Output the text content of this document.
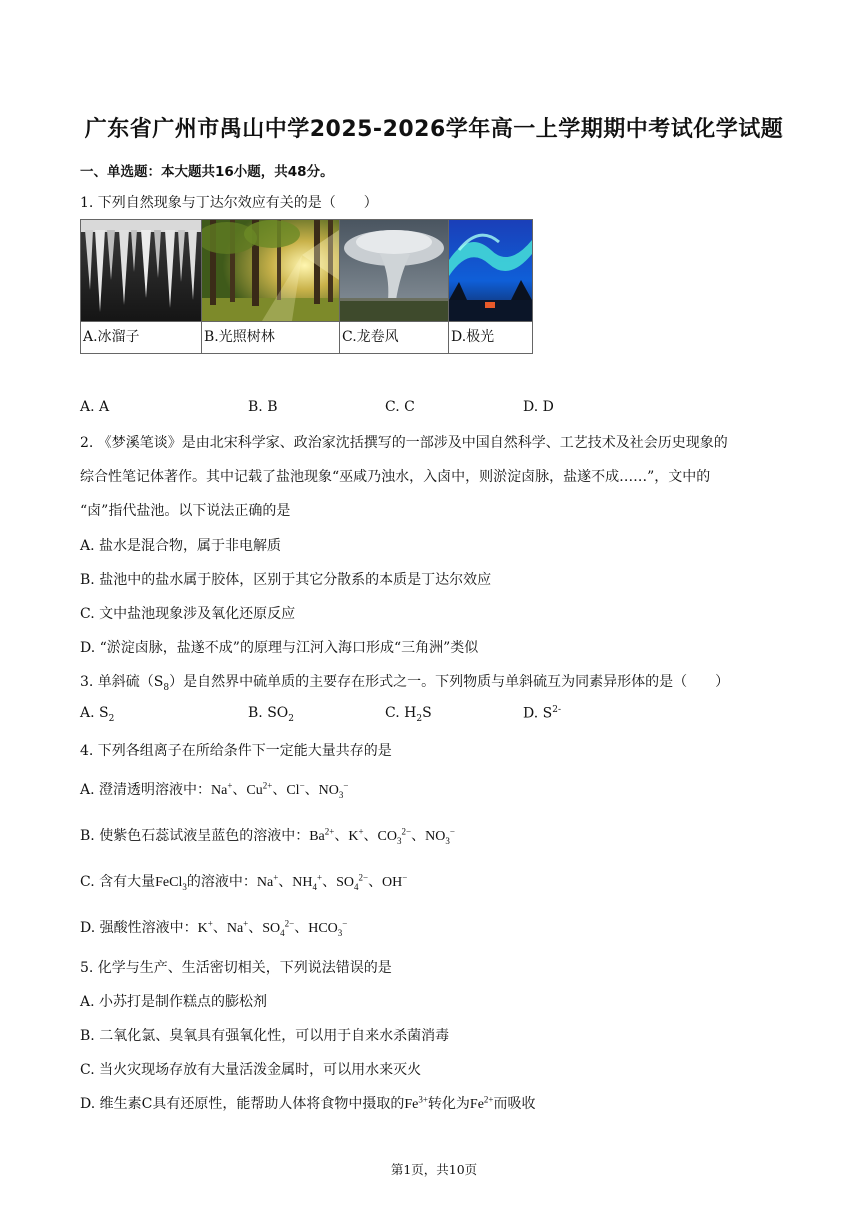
广东省广州市禺山中学2025-2026学年高一上学期期中考试化学试题
一、单选题：本大题共16小题，共48分。
1. 下列自然现象与丁达尔效应有关的是（　　）

A.冰溜子	B.光照树林	C.龙卷风	D.极光
A. A	B. B	C. C	D. D
2. 《梦溪笔谈》是由北宋科学家、政治家沈括撰写的一部涉及中国自然科学、工艺技术及社会历史现象的
综合性笔记体著作。其中记载了盐池现象“巫咸乃浊水，入卤中，则淤淀卤脉，盐遂不成……”，文中的
“卤”指代盐池。以下说法正确的是
A. 盐水是混合物，属于非电解质
B. 盐池中的盐水属于胶体，区别于其它分散系的本质是丁达尔效应
C. 文中盐池现象涉及氧化还原反应
D. “淤淀卤脉，盐遂不成”的原理与江河入海口形成“三角洲”类似
3. 单斜硫$(S_8)$是自然界中硫单质的主要存在形式之一。下列物质与单斜硫互为同素异形体的是（　　）
A. $S_2$	B. $SO_2$	C. $H_2S$	D. $S^{2-}$
4. 下列各组离子在所给条件下一定能大量共存的是
A. 澄清透明溶液中：Na+、$Cu^{2+}$、Cl−、$NO_3^-$
B. 使紫色石蕊试液呈蓝色的溶液中：$Ba^{2+}$、K+、$CO_3^{2-}$、$NO_3^-$
C. 含有大量FeCl$_3$的溶液中：Na+、$NH_4^+$、$SO_4^{2-}$、OH−
D. 强酸性溶液中：K+、Na+、$SO_4^{2-}$、$HCO_3^-$
5. 化学与生产、生活密切相关，下列说法错误的是
A. 小苏打是制作糕点的膨松剂
B. 二氧化氯、臭氧具有强氧化性，可以用于自来水杀菌消毒
C. 当火灾现场存放有大量活泼金属时，可以用水来灭火
D. 维生素C具有还原性，能帮助人体将食物中摄取的$Fe^{3+}$转化为$Fe^{2+}$而吸收
第1页，共10页
